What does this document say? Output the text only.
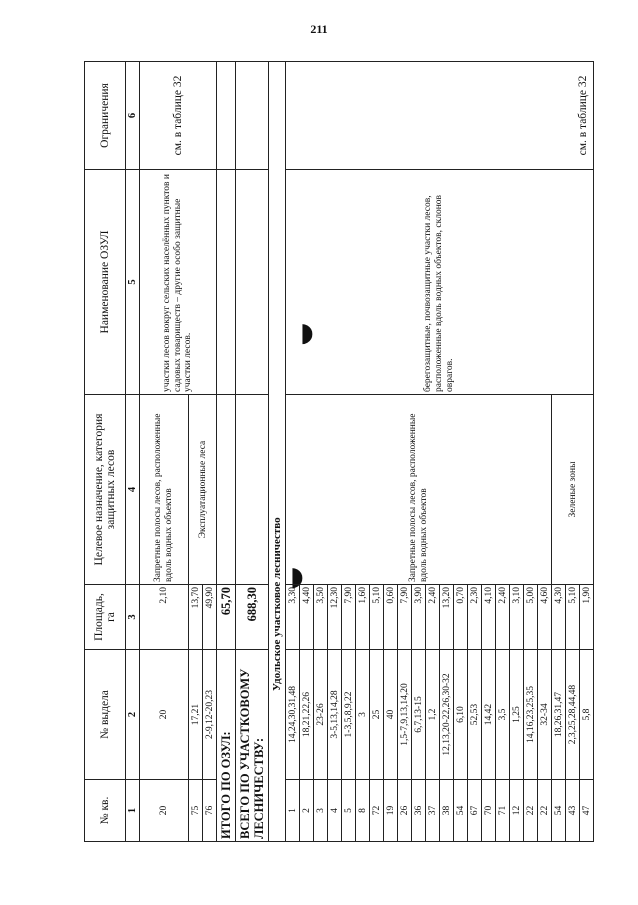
211
◗
◗
№ кв.	№ выдела	Площадь, га	Целевое назначение, категория защитных лесов	Наименование ОЗУЛ	Ограничения
1	2	3	4	5	6
20	20	2,10	Запретные полосы лесов, расположенные вдоль водных объектов	участки лесов вокруг сельских населённых пунктов и садовых товариществ – другие особо защитные участки лесов.	см. в таблице 32
75	17,21	13,70	Эксплуатационные леса		
76	2-9,12-20,23	49,90			
ИТОГО ПО ОЗУЛ:		65,70			
ВСЕГО ПО УЧАСТКОВОМУ ЛЕСНИЧЕСТВУ:		688,30			
Удольское участковое лесничество					
1	14,24,30,31,48	3,30	Запретные полосы лесов, расположенные вдоль водных объектов	берегозащитные, почвозащитные участки лесов, расположенные вдоль водных объектов, склонов оврагов.	см. в таблице 32
2	18,21,22,26	4,40			
3	23-26	3,50			
4	3-5,13,14,28	12,30			
5	1-3,5,8,9,22	7,90			
8	3	1,60			
72	25	5,10			
19	40	0,60			
26	1,5-7,9,13,14,20	7,90			
36	6,7,13-15	3,90			
37	1,2	2,40			
38	12,13,20-22,26,30-32	13,20			
54	6,10	0,70			
67	52,53	2,30			
70	14,42	4,10			
71	3,5	2,40			
12	1,25	3,10			
22	14,16,23,25,35	5,00			
22	32-34	4,60			
54	18,26,31,47	4,30	Зеленые зоны		
43	2,3,25,28,44,48	5,10			
47	5,8	1,90			
